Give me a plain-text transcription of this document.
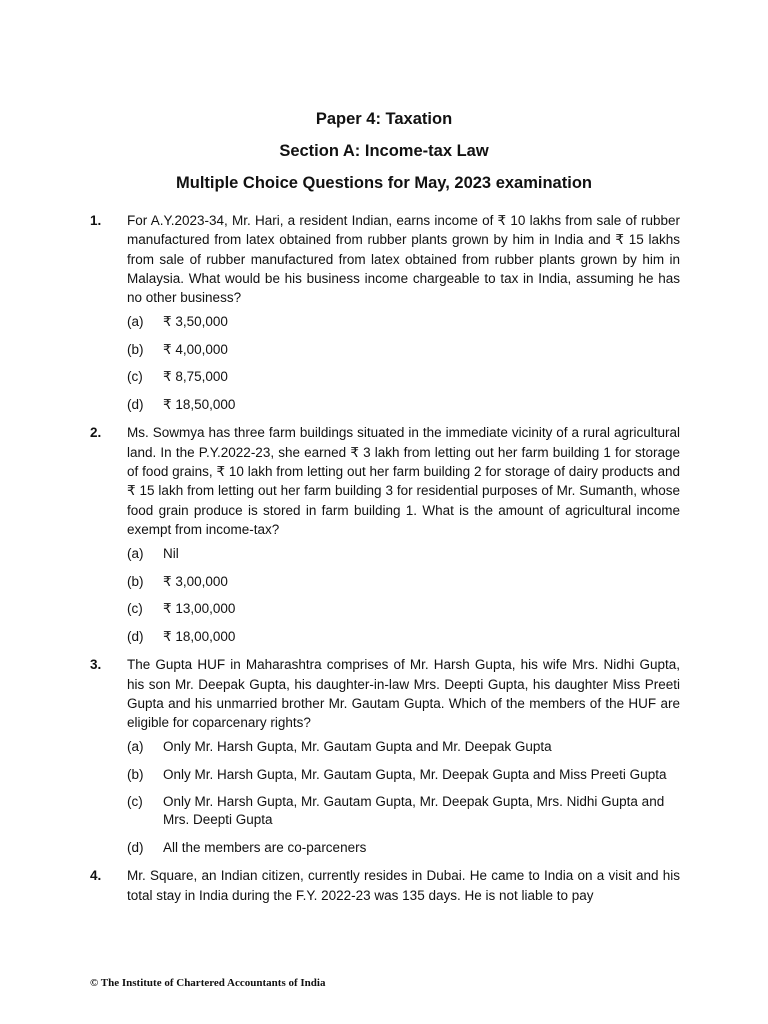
Paper 4: Taxation
Section A: Income-tax Law
Multiple Choice Questions for May, 2023 examination
1. For A.Y.2023-34, Mr. Hari, a resident Indian, earns income of ₹ 10 lakhs from sale of rubber manufactured from latex obtained from rubber plants grown by him in India and ₹ 15 lakhs from sale of rubber manufactured from latex obtained from rubber plants grown by him in Malaysia. What would be his business income chargeable to tax in India, assuming he has no other business?
(a) ₹ 3,50,000
(b) ₹ 4,00,000
(c) ₹ 8,75,000
(d) ₹ 18,50,000
2. Ms. Sowmya has three farm buildings situated in the immediate vicinity of a rural agricultural land. In the P.Y.2022-23, she earned ₹ 3 lakh from letting out her farm building 1 for storage of food grains, ₹ 10 lakh from letting out her farm building 2 for storage of dairy products and ₹ 15 lakh from letting out her farm building 3 for residential purposes of Mr. Sumanth, whose food grain produce is stored in farm building 1. What is the amount of agricultural income exempt from income-tax?
(a) Nil
(b) ₹ 3,00,000
(c) ₹ 13,00,000
(d) ₹ 18,00,000
3. The Gupta HUF in Maharashtra comprises of Mr. Harsh Gupta, his wife Mrs. Nidhi Gupta, his son Mr. Deepak Gupta, his daughter-in-law Mrs. Deepti Gupta, his daughter Miss Preeti Gupta and his unmarried brother Mr. Gautam Gupta. Which of the members of the HUF are eligible for coparcenary rights?
(a) Only Mr. Harsh Gupta, Mr. Gautam Gupta and Mr. Deepak Gupta
(b) Only Mr. Harsh Gupta, Mr. Gautam Gupta, Mr. Deepak Gupta and Miss Preeti Gupta
(c) Only Mr. Harsh Gupta, Mr. Gautam Gupta, Mr. Deepak Gupta, Mrs. Nidhi Gupta and Mrs. Deepti Gupta
(d) All the members are co-parceners
4. Mr. Square, an Indian citizen, currently resides in Dubai. He came to India on a visit and his total stay in India during the F.Y. 2022-23 was 135 days. He is not liable to pay
© The Institute of Chartered Accountants of India
